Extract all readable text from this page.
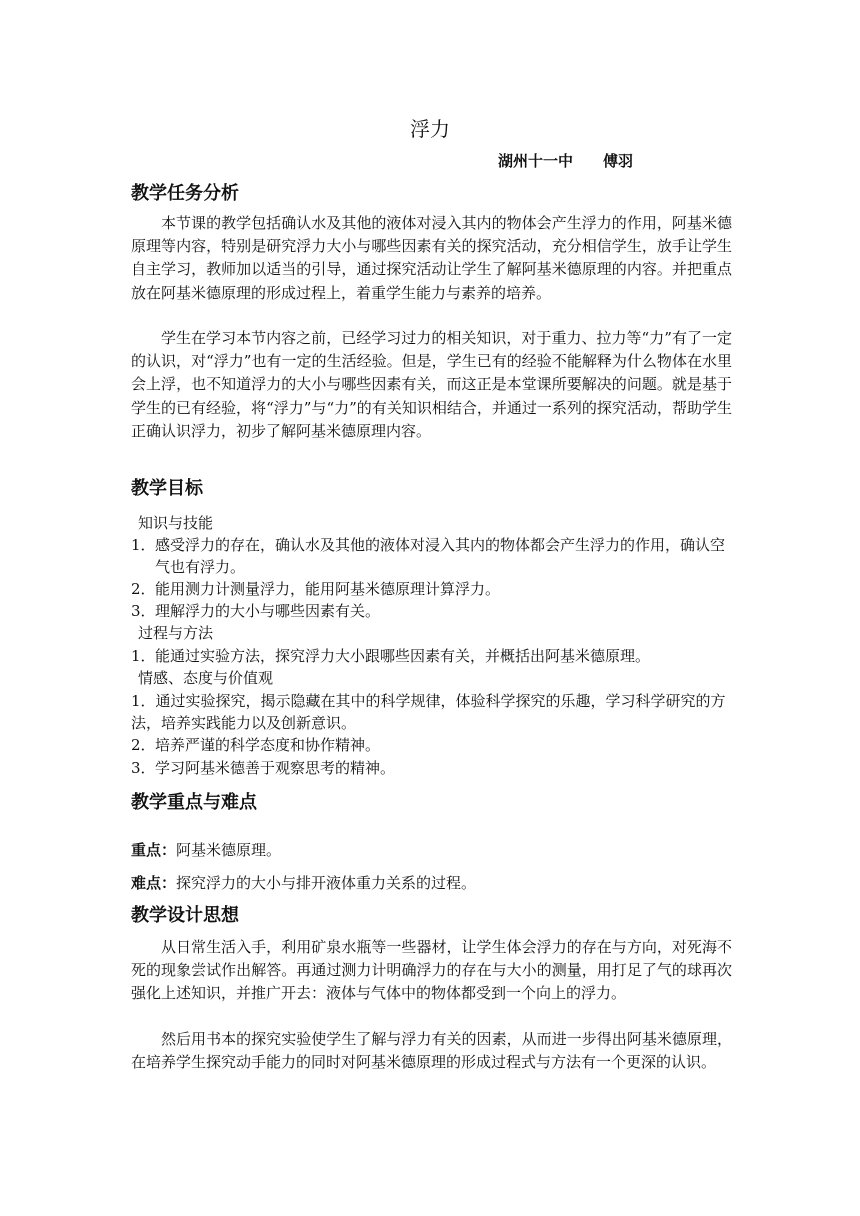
浮力
湖州十一中　　傅羽
教学任务分析

本节课的教学包括确认水及其他的液体对浸入其内的物体会产生浮力的作用，阿基米德原理等内容，特别是研究浮力大小与哪些因素有关的探究活动，充分相信学生，放手让学生自主学习，教师加以适当的引导，通过探究活动让学生了解阿基米德原理的内容。并把重点放在阿基米德原理的形成过程上，着重学生能力与素养的培养。

学生在学习本节内容之前，已经学习过力的相关知识，对于重力、拉力等“力”有了一定的认识，对“浮力”也有一定的生活经验。但是，学生已有的经验不能解释为什么物体在水里会上浮，也不知道浮力的大小与哪些因素有关，而这正是本堂课所要解决的问题。就是基于学生的已有经验，将“浮力”与“力”的有关知识相结合，并通过一系列的探究活动，帮助学生正确认识浮力，初步了解阿基米德原理内容。

教学目标
知识与技能
1． 感受浮力的存在，确认水及其他的液体对浸入其内的物体都会产生浮力的作用，确认空气也有浮力。
2． 能用测力计测量浮力，能用阿基米德原理计算浮力。
3． 理解浮力的大小与哪些因素有关。
过程与方法
1． 能通过实验方法，探究浮力大小跟哪些因素有关，并概括出阿基米德原理。
情感、态度与价值观
1．通过实验探究，揭示隐藏在其中的科学规律，体验科学探究的乐趣，学习科学研究的方法，培养实践能力以及创新意识。
2． 培养严谨的科学态度和协作精神。
3． 学习阿基米德善于观察思考的精神。
教学重点与难点
重点：阿基米德原理。
难点：探究浮力的大小与排开液体重力关系的过程。
教学设计思想

从日常生活入手，利用矿泉水瓶等一些器材，让学生体会浮力的存在与方向，对死海不死的现象尝试作出解答。再通过测力计明确浮力的存在与大小的测量，用打足了气的球再次强化上述知识，并推广开去：液体与气体中的物体都受到一个向上的浮力。

然后用书本的探究实验使学生了解与浮力有关的因素，从而进一步得出阿基米德原理，在培养学生探究动手能力的同时对阿基米德原理的形成过程式与方法有一个更深的认识。
